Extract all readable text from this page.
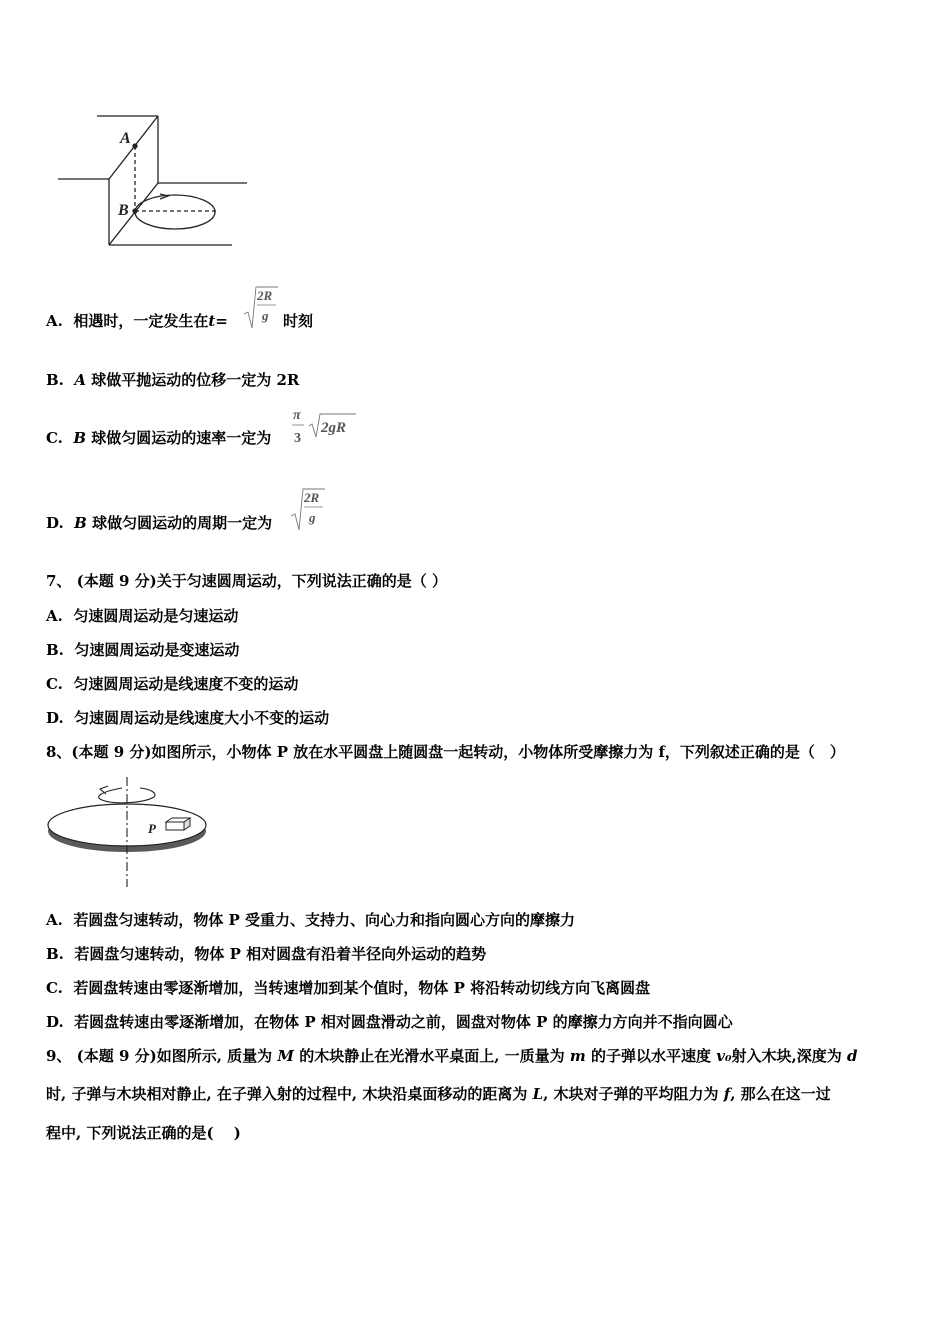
A
B
A. 相遇时，一定发生在t=
2R
g 时刻
B. A 球做平抛运动的位移一定为 2R
C. B 球做匀圆运动的速率一定为
π
3
2gR
D. B 球做匀圆运动的周期一定为
2R
g
7、 (本题 9 分)关于匀速圆周运动，下列说法正确的是（ ）
A. 匀速圆周运动是匀速运动
B. 匀速圆周运动是变速运动
C. 匀速圆周运动是线速度不变的运动
D. 匀速圆周运动是线速度大小不变的运动
8、(本题 9 分)如图所示，小物体 P 放在水平圆盘上随圆盘一起转动，小物体所受摩擦力为 f，下列叙述正确的是（　）
P
A. 若圆盘匀速转动，物体 P 受重力、支持力、向心力和指向圆心方向的摩擦力
B. 若圆盘匀速转动，物体 P 相对圆盘有沿着半径向外运动的趋势
C. 若圆盘转速由零逐渐增加，当转速增加到某个值时，物体 P 将沿转动切线方向飞离圆盘
D. 若圆盘转速由零逐渐增加，在物体 P 相对圆盘滑动之前，圆盘对物体 P 的摩擦力方向并不指向圆心
9、 (本题 9 分)如图所示, 质量为 M 的木块静止在光滑水平桌面上, 一质量为 m 的子弹以水平速度 v₀射入木块,深度为 d
时, 子弹与木块相对静止, 在子弹入射的过程中, 木块沿桌面移动的距离为 L, 木块对子弹的平均阻力为 f, 那么在这一过
程中, 下列说法正确的是(　 )
